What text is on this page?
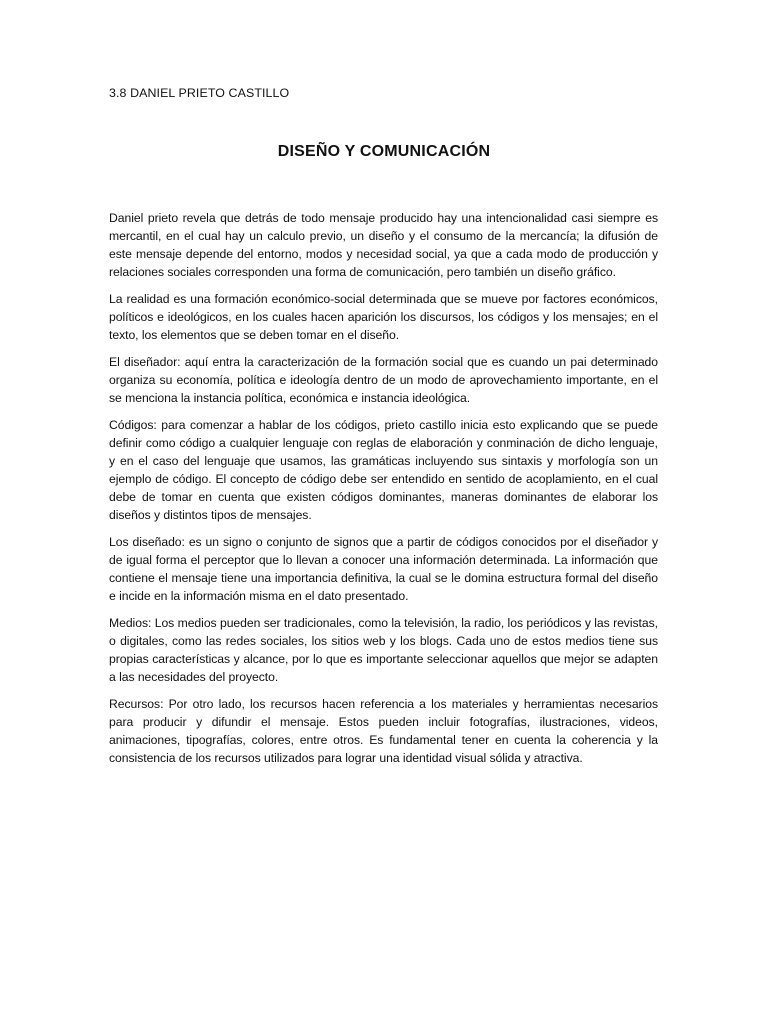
3.8 DANIEL PRIETO CASTILLO
DISEÑO Y COMUNICACIÓN

Daniel prieto revela que detrás de todo mensaje producido hay una intencionalidad casi siempre es mercantil, en el cual hay un calculo previo, un diseño y el consumo de la mercancía; la difusión de este mensaje depende del entorno, modos y necesidad social, ya que a cada modo de producción y relaciones sociales corresponden una forma de comunicación, pero también un diseño gráfico.

La realidad es una formación económico-social determinada que se mueve por factores económicos, políticos e ideológicos, en los cuales hacen aparición los discursos, los códigos y los mensajes; en el texto, los elementos que se deben tomar en el diseño.

El diseñador: aquí entra la caracterización de la formación social que es cuando un pai determinado organiza su economía, política e ideología dentro de un modo de aprovechamiento importante, en el se menciona la instancia política, económica e instancia ideológica.

Códigos: para comenzar a hablar de los códigos, prieto castillo inicia esto explicando que se puede definir como código a cualquier lenguaje con reglas de elaboración y conminación de dicho lenguaje, y en el caso del lenguaje que usamos, las gramáticas incluyendo sus sintaxis y morfología son un ejemplo de código. El concepto de código debe ser entendido en sentido de acoplamiento, en el cual debe de tomar en cuenta que existen códigos dominantes, maneras dominantes de elaborar los diseños y distintos tipos de mensajes.

Los diseñado: es un signo o conjunto de signos que a partir de códigos conocidos por el diseñador y de igual forma el perceptor que lo llevan a conocer una información determinada. La información que contiene el mensaje tiene una importancia definitiva, la cual se le domina estructura formal del diseño e incide en la información misma en el dato presentado.

Medios: Los medios pueden ser tradicionales, como la televisión, la radio, los periódicos y las revistas, o digitales, como las redes sociales, los sitios web y los blogs. Cada uno de estos medios tiene sus propias características y alcance, por lo que es importante seleccionar aquellos que mejor se adapten a las necesidades del proyecto.

Recursos: Por otro lado, los recursos hacen referencia a los materiales y herramientas necesarios para producir y difundir el mensaje. Estos pueden incluir fotografías, ilustraciones, videos, animaciones, tipografías, colores, entre otros. Es fundamental tener en cuenta la coherencia y la consistencia de los recursos utilizados para lograr una identidad visual sólida y atractiva.
